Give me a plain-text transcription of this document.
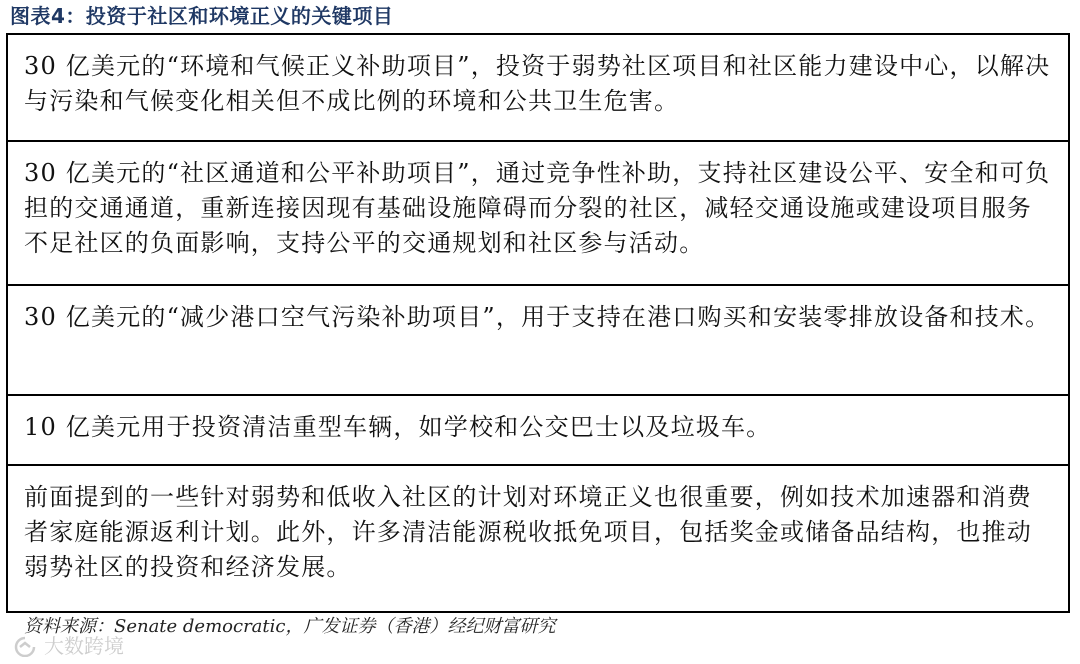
图表4：投资于社区和环境正义的关键项目
30 亿美元的“环境和气候正义补助项目”，投资于弱势社区项目和社区能力建设中心，以解决与污染和气候变化相关但不成比例的环境和公共卫生危害。
30 亿美元的“社区通道和公平补助项目”，通过竞争性补助，支持社区建设公平、安全和可负担的交通通道，重新连接因现有基础设施障碍而分裂的社区，减轻交通设施或建设项目服务不足社区的负面影响，支持公平的交通规划和社区参与活动。
30 亿美元的“减少港口空气污染补助项目”，用于支持在港口购买和安装零排放设备和技术。
10 亿美元用于投资清洁重型车辆，如学校和公交巴士以及垃圾车。
前面提到的一些针对弱势和低收入社区的计划对环境正义也很重要，例如技术加速器和消费者家庭能源返利计划。此外，许多清洁能源税收抵免项目，包括奖金或储备品结构，也推动弱势社区的投资和经济发展。
资料来源：Senate democratic，广发证券（香港）经纪财富研究
大数跨境
